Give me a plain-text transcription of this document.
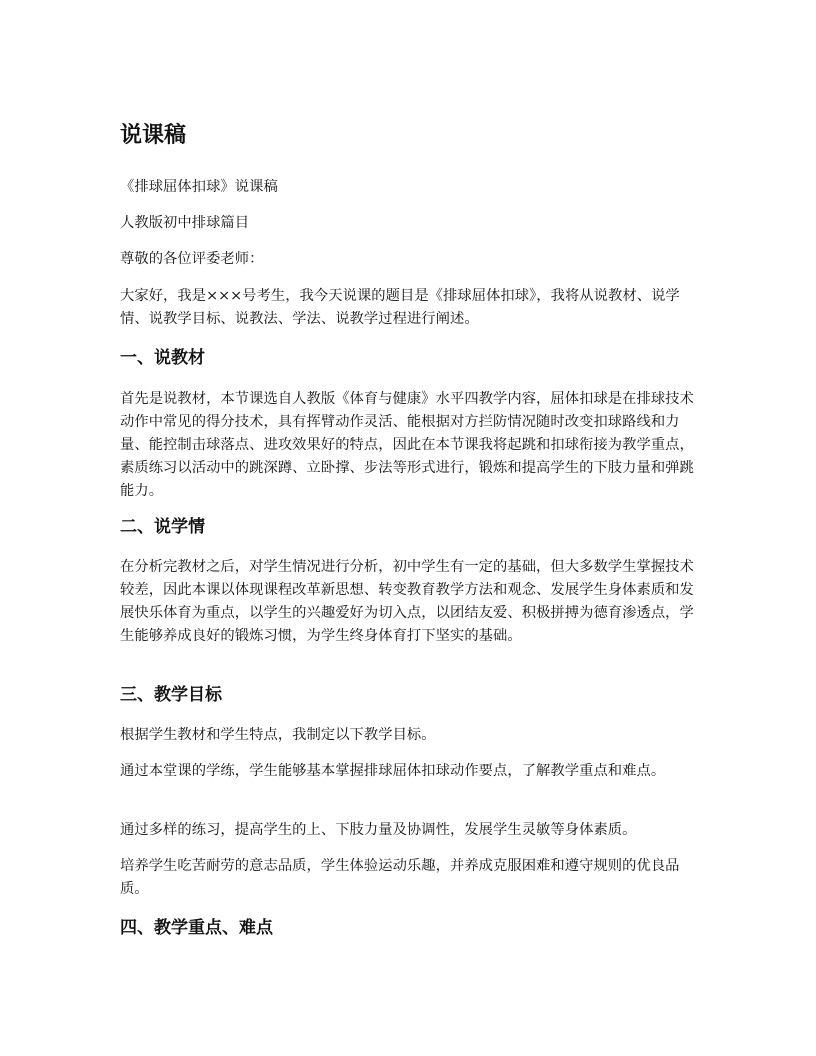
说课稿

《排球屈体扣球》说课稿

人教版初中排球篇目

尊敬的各位评委老师：

大家好，我是×××号考生，我今天说课的题目是《排球屈体扣球》，我将从说教材、说学情、说教学目标、说教法、学法、说教学过程进行阐述。

一、说教材

首先是说教材，本节课选自人教版《体育与健康》水平四教学内容，屈体扣球是在排球技术动作中常见的得分技术，具有挥臂动作灵活、能根据对方拦防情况随时改变扣球路线和力量、能控制击球落点、进攻效果好的特点，因此在本节课我将起跳和扣球衔接为教学重点，素质练习以活动中的跳深蹲、立卧撑、步法等形式进行，锻炼和提高学生的下肢力量和弹跳能力。

二、说学情

在分析完教材之后，对学生情况进行分析，初中学生有一定的基础，但大多数学生掌握技术较差，因此本课以体现课程改革新思想、转变教育教学方法和观念、发展学生身体素质和发展快乐体育为重点，以学生的兴趣爱好为切入点，以团结友爱、积极拼搏为德育渗透点，学生能够养成良好的锻炼习惯，为学生终身体育打下坚实的基础。

三、教学目标

根据学生教材和学生特点，我制定以下教学目标。

通过本堂课的学练，学生能够基本掌握排球屈体扣球动作要点，了解教学重点和难点。

通过多样的练习，提高学生的上、下肢力量及协调性，发展学生灵敏等身体素质。

培养学生吃苦耐劳的意志品质，学生体验运动乐趣，并养成克服困难和遵守规则的优良品质。

四、教学重点、难点
